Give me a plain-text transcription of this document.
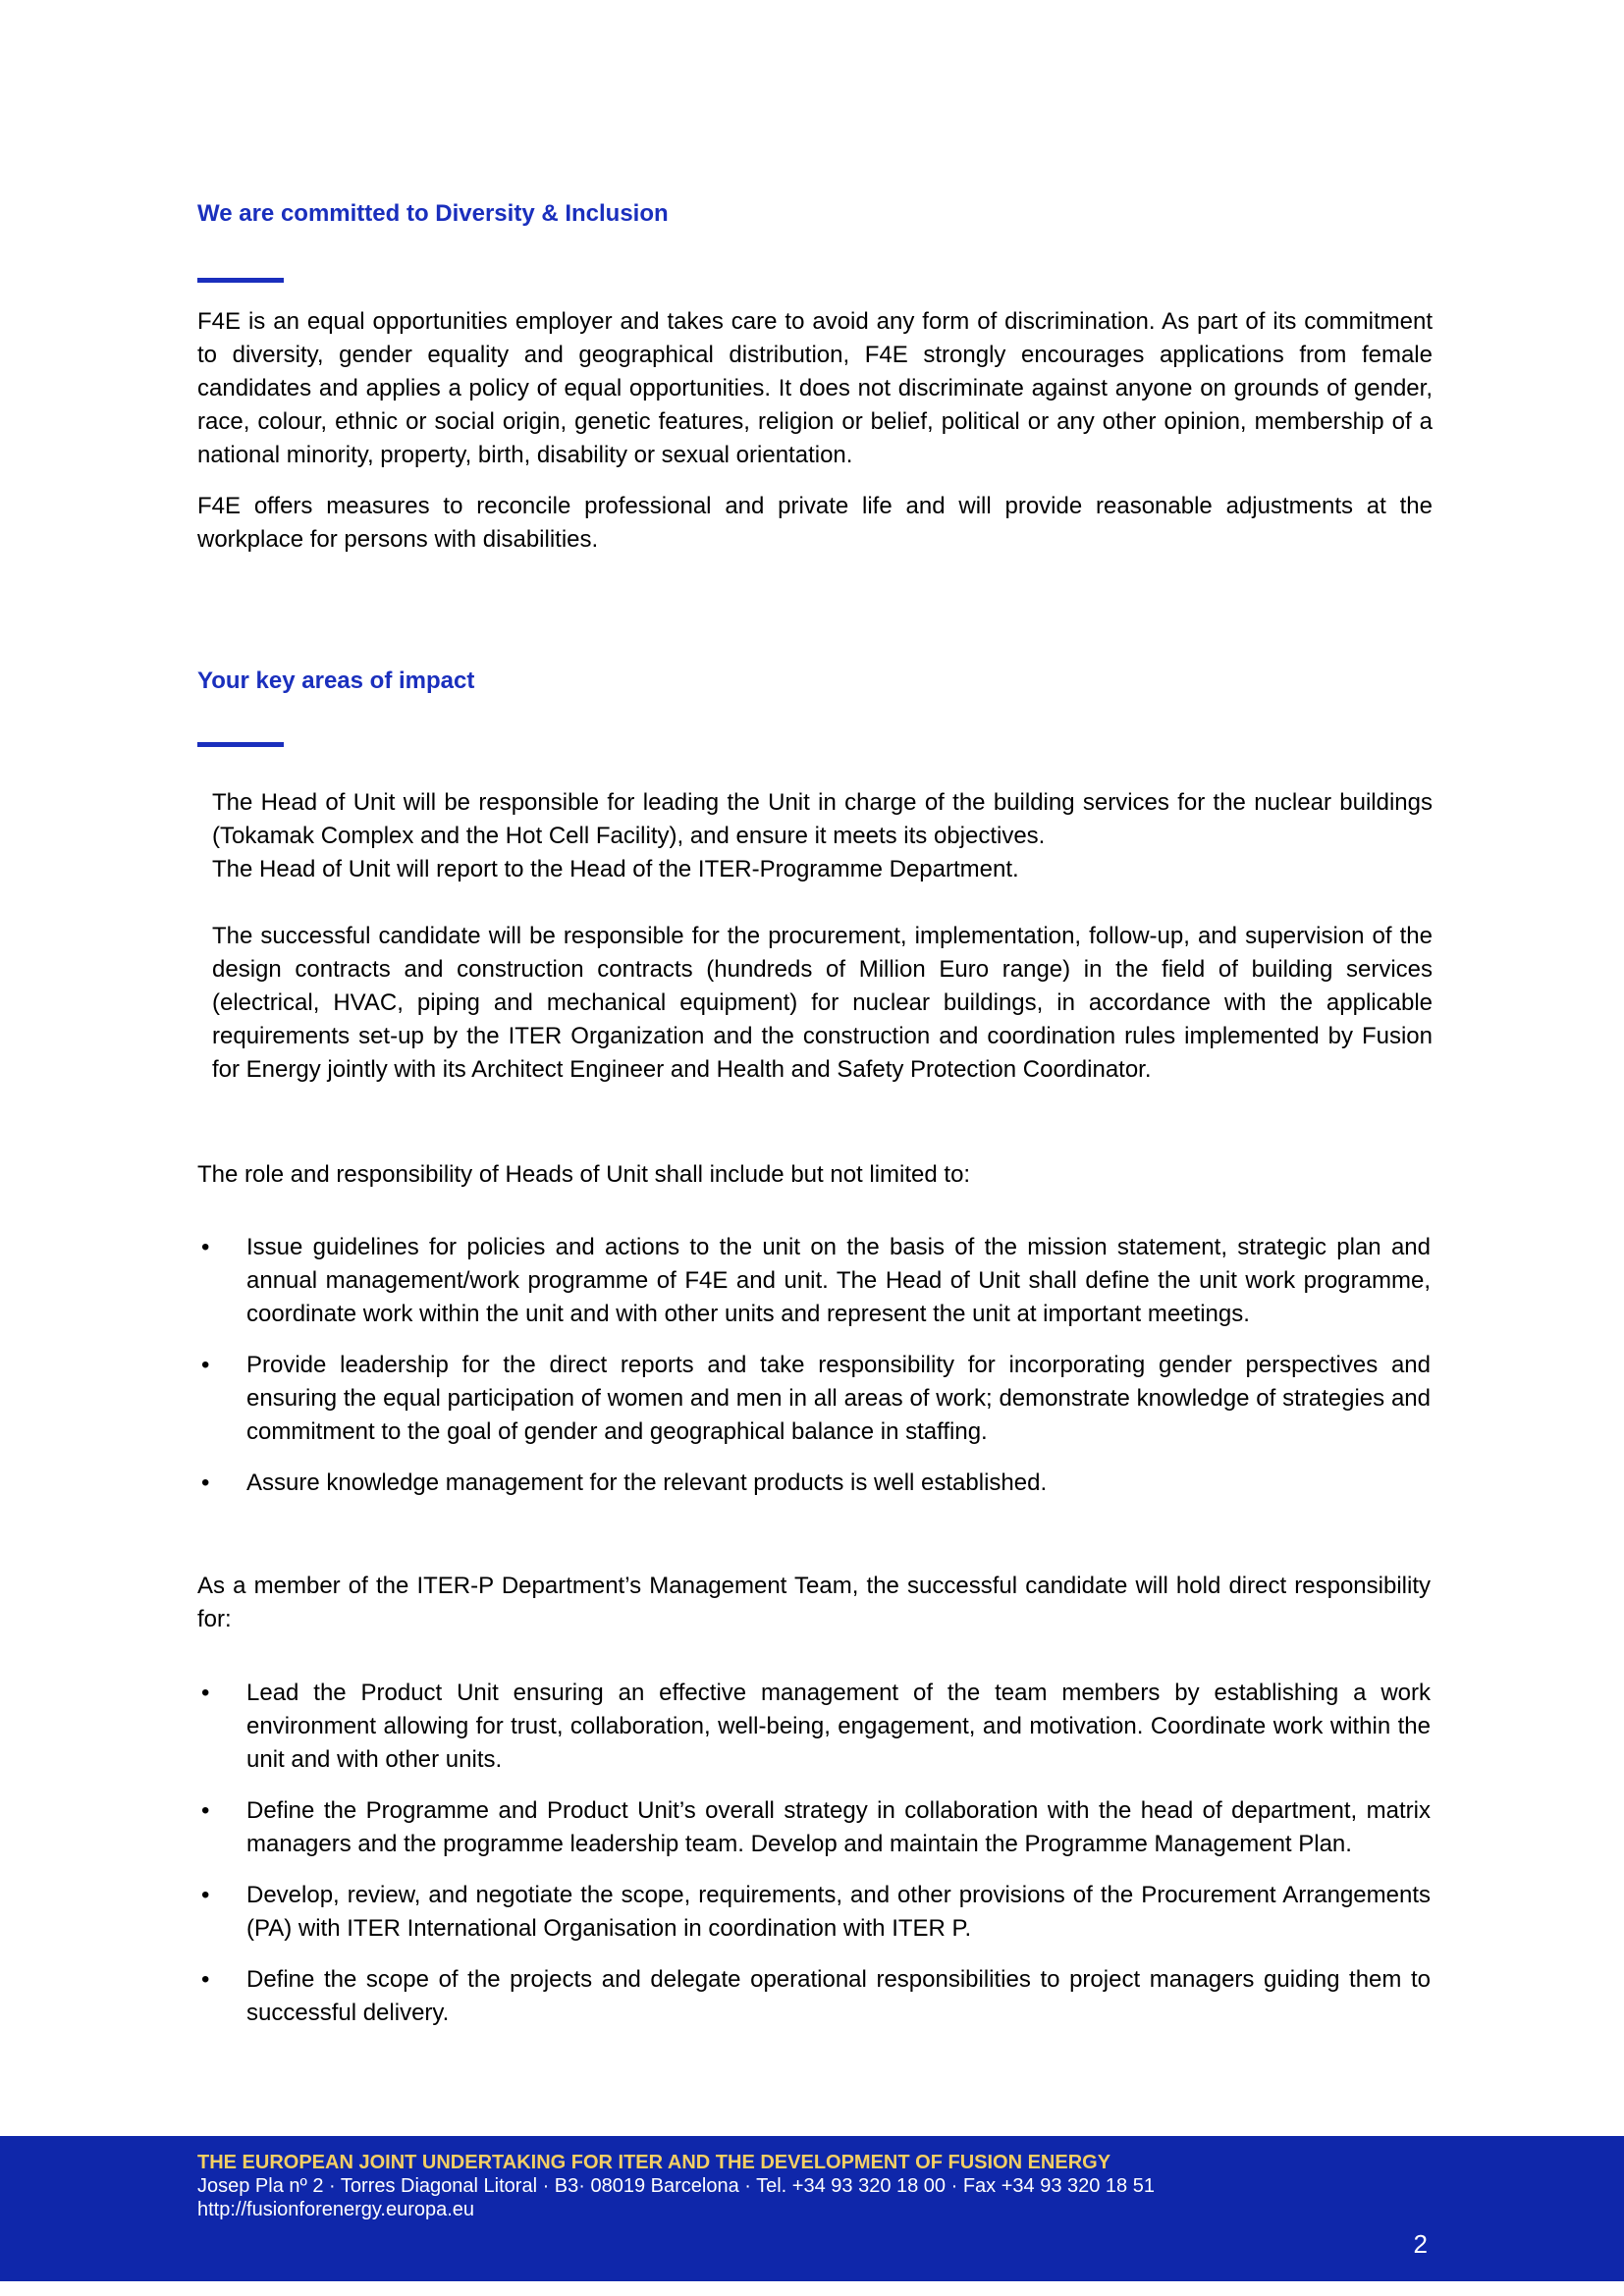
We are committed to Diversity & Inclusion

F4E is an equal opportunities employer and takes care to avoid any form of discrimination. As part of its commitment to diversity, gender equality and geographical distribution, F4E strongly encourages applications from female candidates and applies a policy of equal opportunities. It does not discriminate against anyone on grounds of gender, race, colour, ethnic or social origin, genetic features, religion or belief, political or any other opinion, membership of a national minority, property, birth, disability or sexual orientation.

F4E offers measures to reconcile professional and private life and will provide reasonable adjustments at the workplace for persons with disabilities.

Your key areas of impact
The Head of Unit will be responsible for leading the Unit in charge of the building services for the nuclear buildings (Tokamak Complex and the Hot Cell Facility), and ensure it meets its objectives.
The Head of Unit will report to the Head of the ITER-Programme Department.
The successful candidate will be responsible for the procurement, implementation, follow-up, and supervision of the design contracts and construction contracts (hundreds of Million Euro range) in the field of building services (electrical, HVAC, piping and mechanical equipment) for nuclear buildings, in accordance with the applicable requirements set-up by the ITER Organization and the construction and coordination rules implemented by Fusion for Energy jointly with its Architect Engineer and Health and Safety Protection Coordinator.
The role and responsibility of Heads of Unit shall include but not limited to:
• Issue guidelines for policies and actions to the unit on the basis of the mission statement, strategic plan and annual management/work programme of F4E and unit. The Head of Unit shall define the unit work programme, coordinate work within the unit and with other units and represent the unit at important meetings.
• Provide leadership for the direct reports and take responsibility for incorporating gender perspectives and ensuring the equal participation of women and men in all areas of work; demonstrate knowledge of strategies and commitment to the goal of gender and geographical balance in staffing.
• Assure knowledge management for the relevant products is well established.
As a member of the ITER-P Department’s Management Team, the successful candidate will hold direct responsibility for:
• Lead the Product Unit ensuring an effective management of the team members by establishing a work environment allowing for trust, collaboration, well-being, engagement, and motivation. Coordinate work within the unit and with other units.
• Define the Programme and Product Unit’s overall strategy in collaboration with the head of department, matrix managers and the programme leadership team. Develop and maintain the Programme Management Plan.
• Develop, review, and negotiate the scope, requirements, and other provisions of the Procurement Arrangements (PA) with ITER International Organisation in coordination with ITER P.
• Define the scope of the projects and delegate operational responsibilities to project managers guiding them to successful delivery.
THE EUROPEAN JOINT UNDERTAKING FOR ITER AND THE DEVELOPMENT OF FUSION ENERGY
Josep Pla nº 2 · Torres Diagonal Litoral · B3· 08019 Barcelona · Tel. +34 93 320 18 00 · Fax +34 93 320 18 51
http://fusionforenergy.europa.eu
2
